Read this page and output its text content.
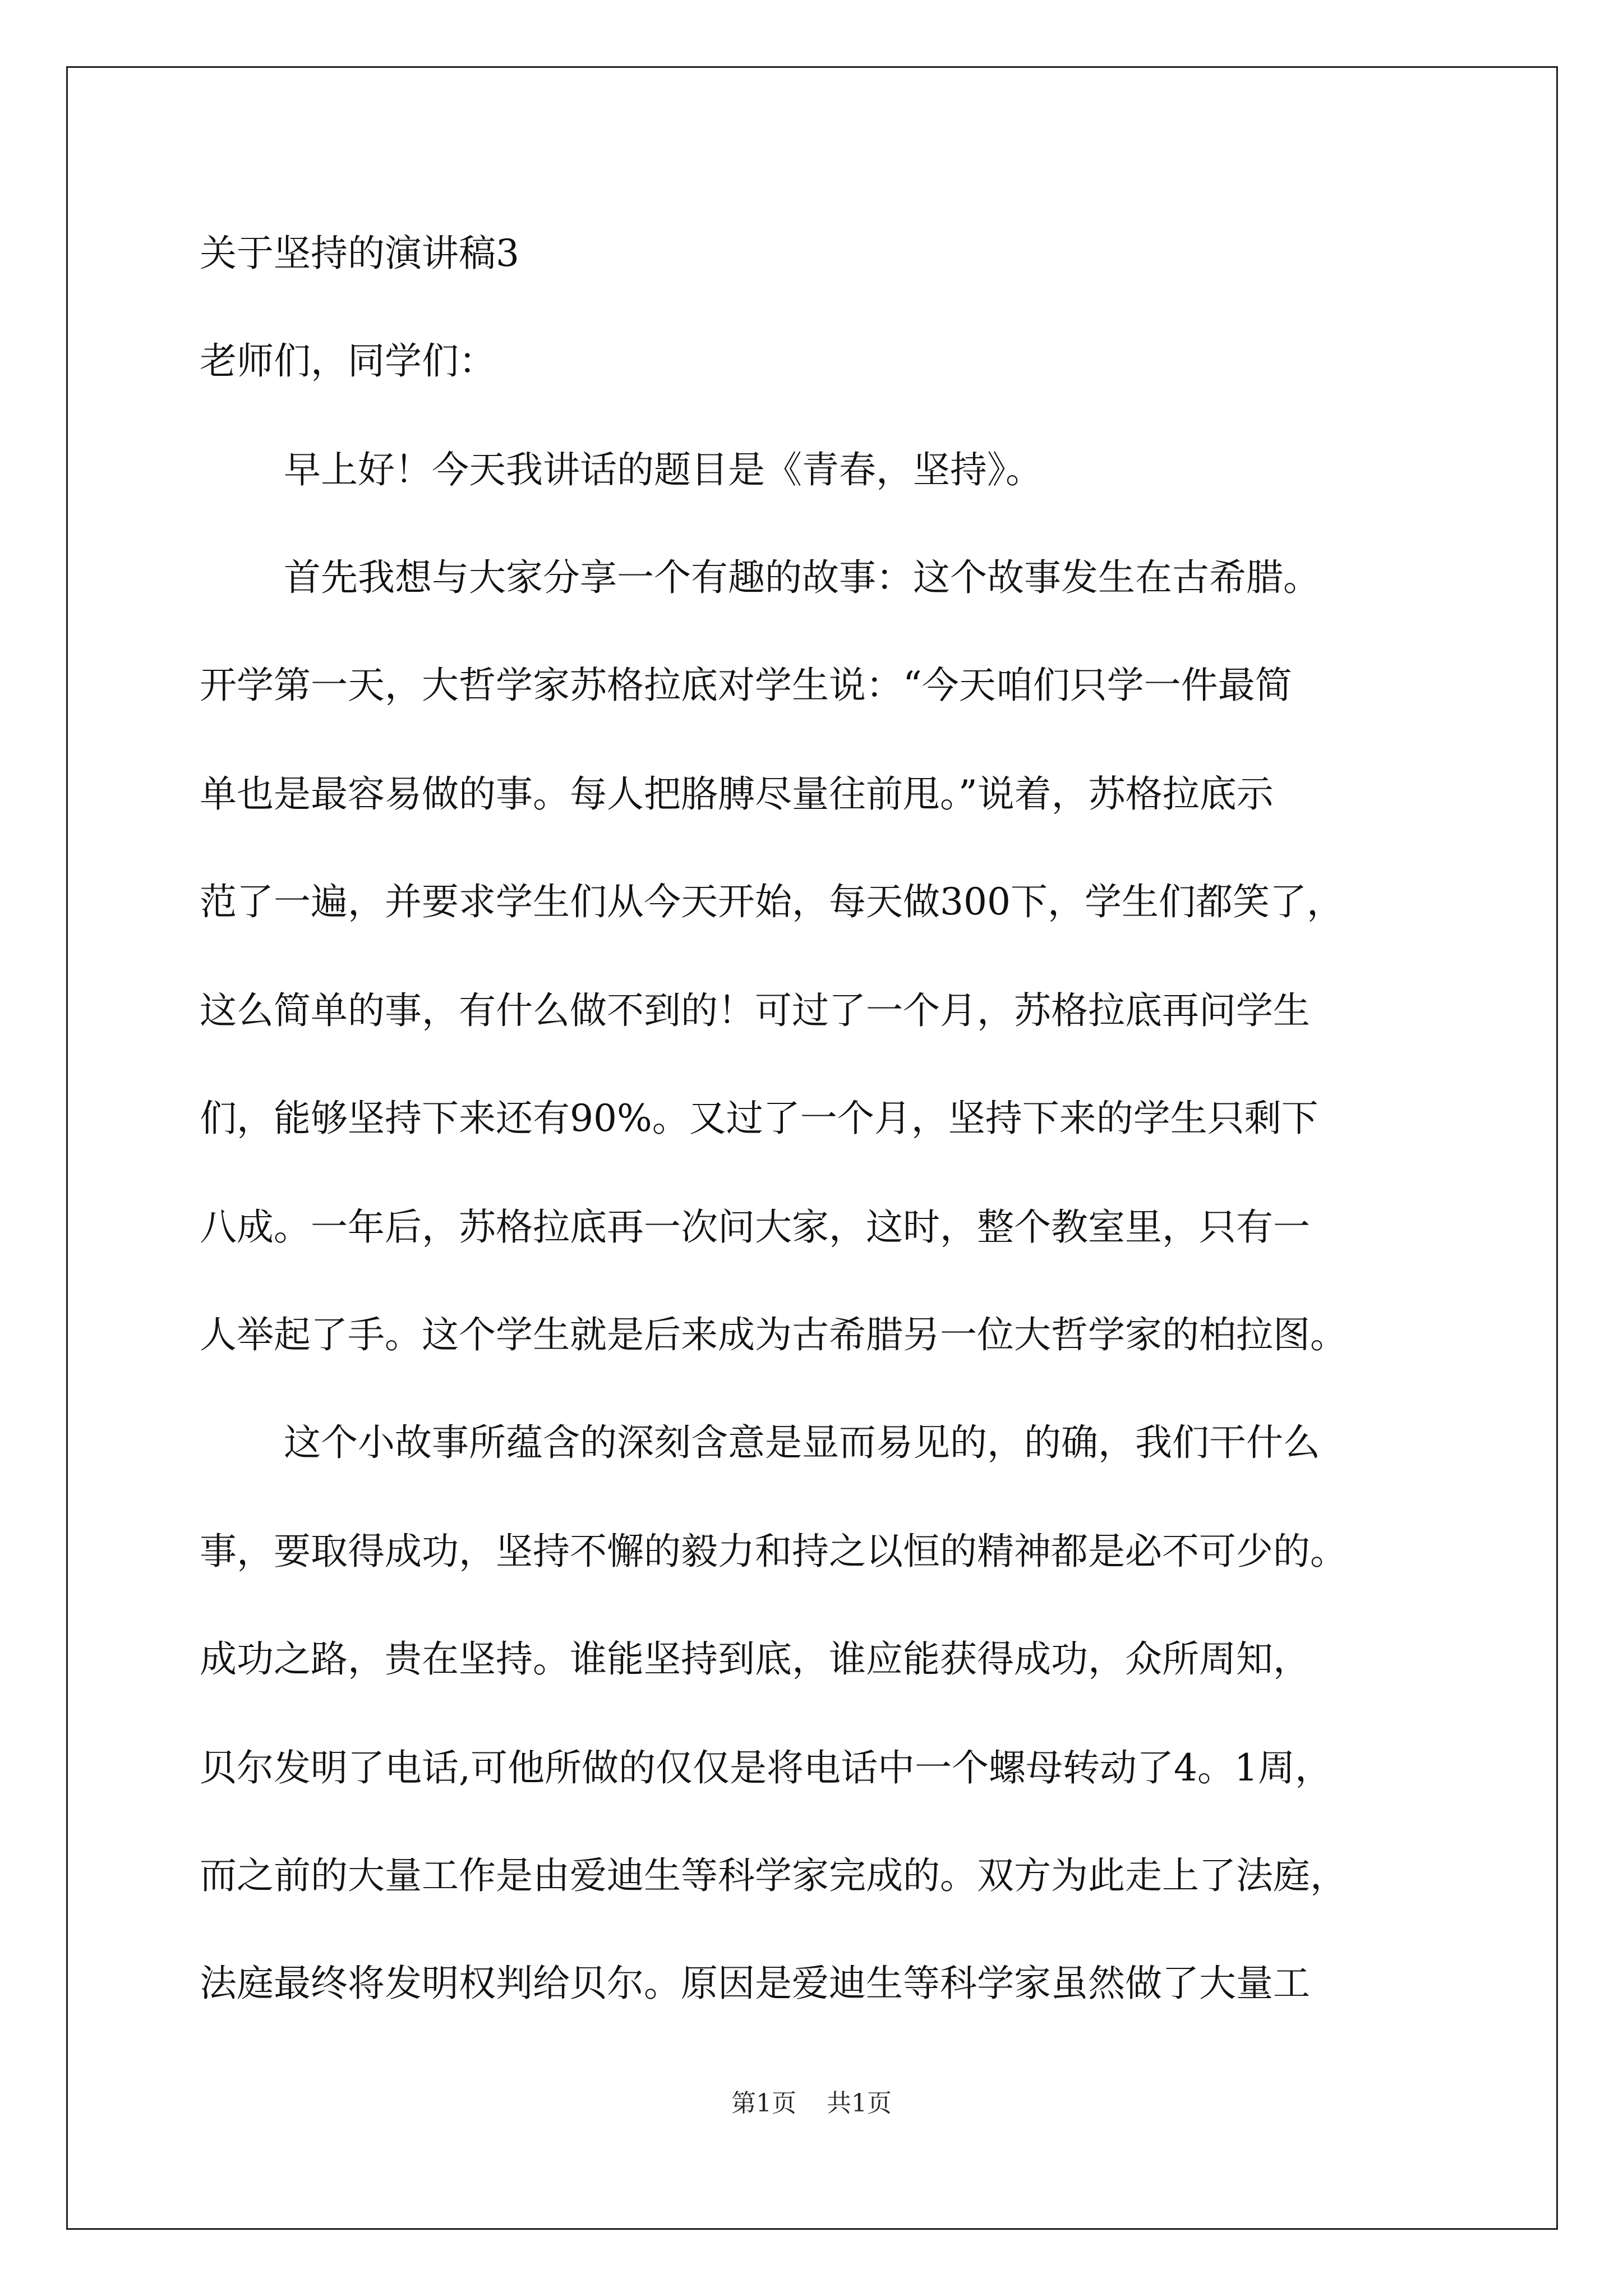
关于坚持的演讲稿3
老师们，同学们：
早上好！今天我讲话的题目是《青春，坚持》。
首先我想与大家分享一个有趣的故事：这个故事发生在古希腊。
开学第一天，大哲学家苏格拉底对学生说：“今天咱们只学一件最简
单也是最容易做的事。每人把胳膊尽量往前甩。”说着，苏格拉底示
范了一遍，并要求学生们从今天开始，每天做300下，学生们都笑了，
这么简单的事，有什么做不到的！可过了一个月，苏格拉底再问学生
们，能够坚持下来还有90%。又过了一个月，坚持下来的学生只剩下
八成。一年后，苏格拉底再一次问大家，这时，整个教室里，只有一
人举起了手。这个学生就是后来成为古希腊另一位大哲学家的柏拉图。
这个小故事所蕴含的深刻含意是显而易见的，的确，我们干什么
事，要取得成功，坚持不懈的毅力和持之以恒的精神都是必不可少的。
成功之路，贵在坚持。谁能坚持到底，谁应能获得成功，众所周知，
贝尔发明了电话,可他所做的仅仅是将电话中一个螺母转动了4。1周，
而之前的大量工作是由爱迪生等科学家完成的。双方为此走上了法庭，
法庭最终将发明权判给贝尔。原因是爱迪生等科学家虽然做了大量工
第1页 共1页
